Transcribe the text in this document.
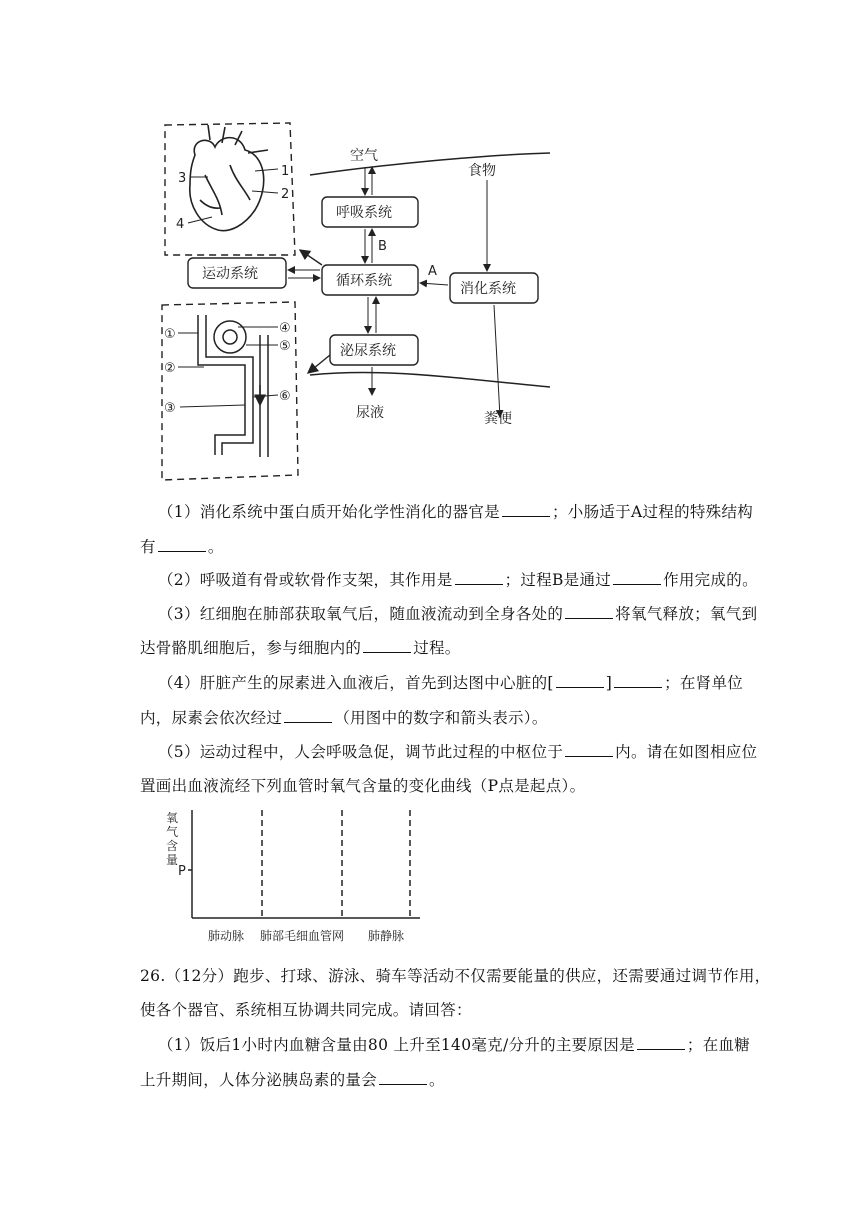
1
2
3
4
①
②
③
④
⑤
⑥
空气
食物
呼吸系统
循环系统
B
运动系统
消化系统
A
泌尿系统
尿液	粪便
（1）消化系统中蛋白质开始化学性消化的器官是	；小肠适于A过程的特殊结构
有	。
（2）呼吸道有骨或软骨作支架，其作用是	；过程B是通过	作用完成的。
（3）红细胞在肺部获取氧气后，随血液流动到全身各处的	将氧气释放；氧气到
达骨骼肌细胞后，参与细胞内的	过程。
（4）肝脏产生的尿素进入血液后，首先到达图中心脏的[	]	；在肾单位
内，尿素会依次经过	（用图中的数字和箭头表示）。
（5）运动过程中，人会呼吸急促，调节此过程的中枢位于	内。请在如图相应位
置画出血液流经下列血管时氧气含量的变化曲线（P点是起点）。
P
氧
气
含
量
肺动脉 肺部毛细血管网 肺静脉
26.（12分）跑步、打球、游泳、骑车等活动不仅需要能量的供应，还需要通过调节作用，
使各个器官、系统相互协调共同完成。请回答：
（1）饭后1小时内血糖含量由80 上升至140毫克/分升的主要原因是	；在血糖
上升期间，人体分泌胰岛素的量会	。
